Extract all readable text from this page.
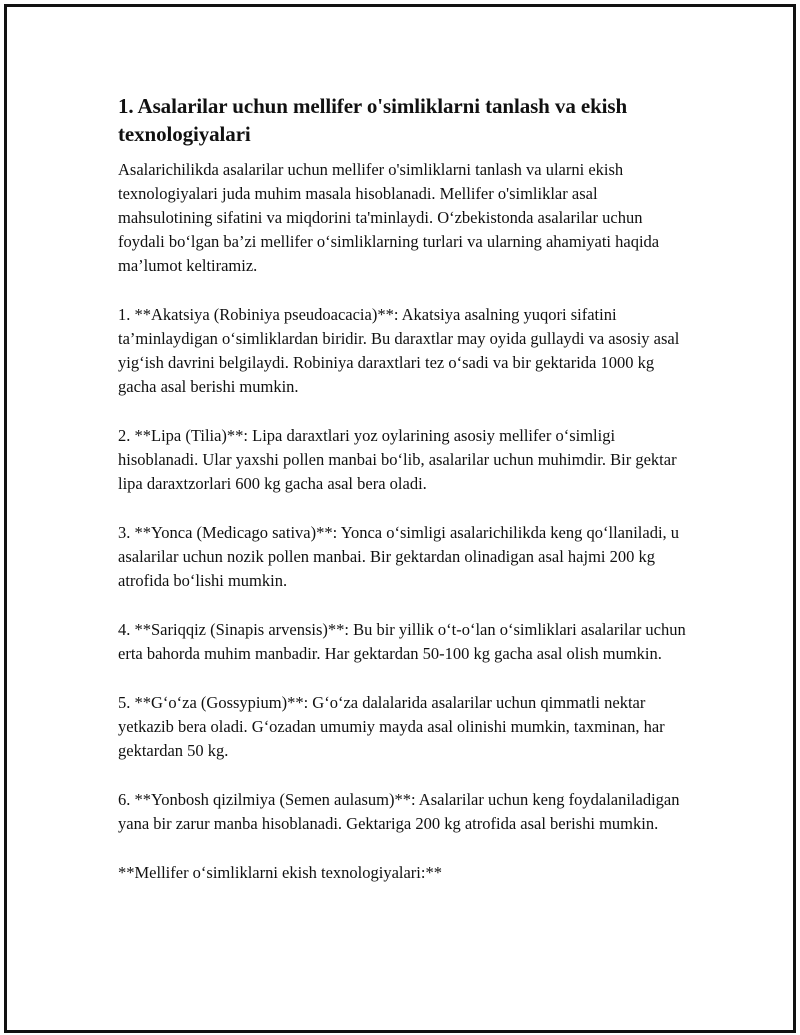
1. Asalarilar uchun mellifer o'simliklarni tanlash va ekish texnologiyalari

Asalarichilikda asalarilar uchun mellifer o'simliklarni tanlash va ularni ekish texnologiyalari juda muhim masala hisoblanadi. Mellifer o'simliklar asal mahsulotining sifatini va miqdorini ta'minlaydi. O‘zbekistonda asalarilar uchun foydali bo‘lgan ba’zi mellifer o‘simliklarning turlari va ularning ahamiyati haqida ma’lumot keltiramiz.

1. **Akatsiya (Robiniya pseudoacacia)**: Akatsiya asalning yuqori sifatini ta’minlaydigan o‘simliklardan biridir. Bu daraxtlar may oyida gullaydi va asosiy asal yig‘ish davrini belgilaydi. Robiniya daraxtlari tez o‘sadi va bir gektarida 1000 kg gacha asal berishi mumkin.

2. **Lipa (Tilia)**: Lipa daraxtlari yoz oylarining asosiy mellifer o‘simligi hisoblanadi. Ular yaxshi pollen manbai bo‘lib, asalarilar uchun muhimdir. Bir gektar lipa daraxtzorlari 600 kg gacha asal bera oladi.

3. **Yonca (Medicago sativa)**: Yonca o‘simligi asalarichilikda keng qo‘llaniladi, u asalarilar uchun nozik pollen manbai. Bir gektardan olinadigan asal hajmi 200 kg atrofida bo‘lishi mumkin.

4. **Sariqqiz (Sinapis arvensis)**: Bu bir yillik o‘t-o‘lan o‘simliklari asalarilar uchun erta bahorda muhim manbadir. Har gektardan 50-100 kg gacha asal olish mumkin.

5. **G‘o‘za (Gossypium)**: G‘o‘za dalalarida asalarilar uchun qimmatli nektar yetkazib bera oladi. G‘ozadan umumiy mayda asal olinishi mumkin, taxminan, har gektardan 50 kg.

6. **Yonbosh qizilmiya (Semen aulasum)**: Asalarilar uchun keng foydalaniladigan yana bir zarur manba hisoblanadi. Gektariga 200 kg atrofida asal berishi mumkin.

**Mellifer o‘simliklarni ekish texnologiyalari:**
